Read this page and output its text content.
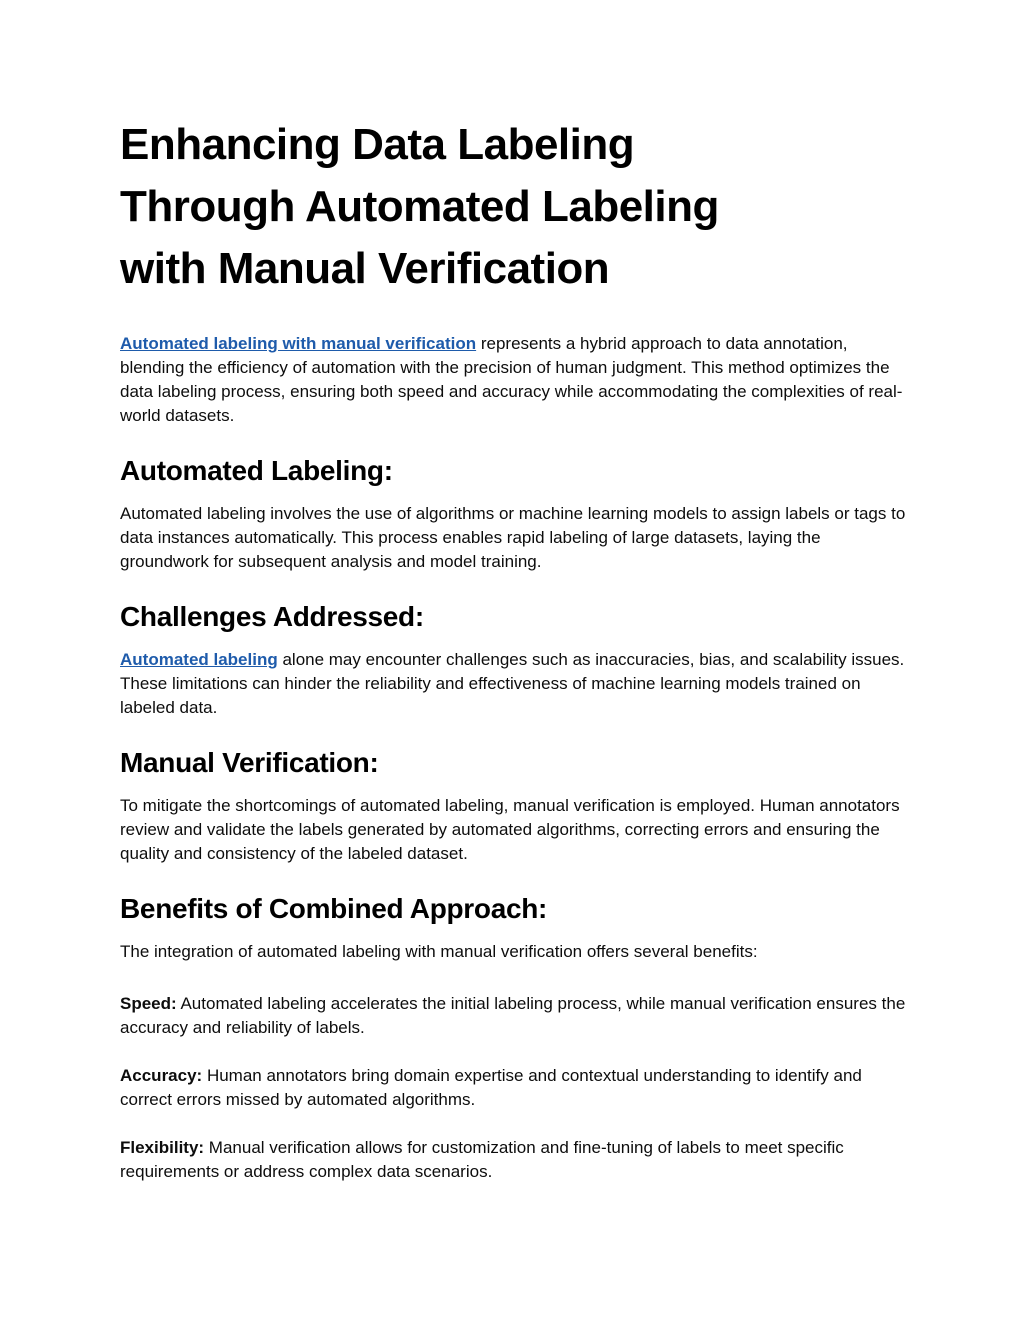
Enhancing Data Labeling
Through Automated Labeling
with Manual Verification

Automated labeling with manual verification represents a hybrid approach to data annotation, blending the efficiency of automation with the precision of human judgment. This method optimizes the data labeling process, ensuring both speed and accuracy while accommodating the complexities of real-world datasets.

Automated Labeling:

Automated labeling involves the use of algorithms or machine learning models to assign labels or tags to data instances automatically. This process enables rapid labeling of large datasets, laying the groundwork for subsequent analysis and model training.

Challenges Addressed:

Automated labeling alone may encounter challenges such as inaccuracies, bias, and scalability issues. These limitations can hinder the reliability and effectiveness of machine learning models trained on labeled data.

Manual Verification:

To mitigate the shortcomings of automated labeling, manual verification is employed. Human annotators review and validate the labels generated by automated algorithms, correcting errors and ensuring the quality and consistency of the labeled dataset.

Benefits of Combined Approach:

The integration of automated labeling with manual verification offers several benefits:

Speed: Automated labeling accelerates the initial labeling process, while manual verification ensures the accuracy and reliability of labels.

Accuracy: Human annotators bring domain expertise and contextual understanding to identify and correct errors missed by automated algorithms.

Flexibility: Manual verification allows for customization and fine-tuning of labels to meet specific requirements or address complex data scenarios.
